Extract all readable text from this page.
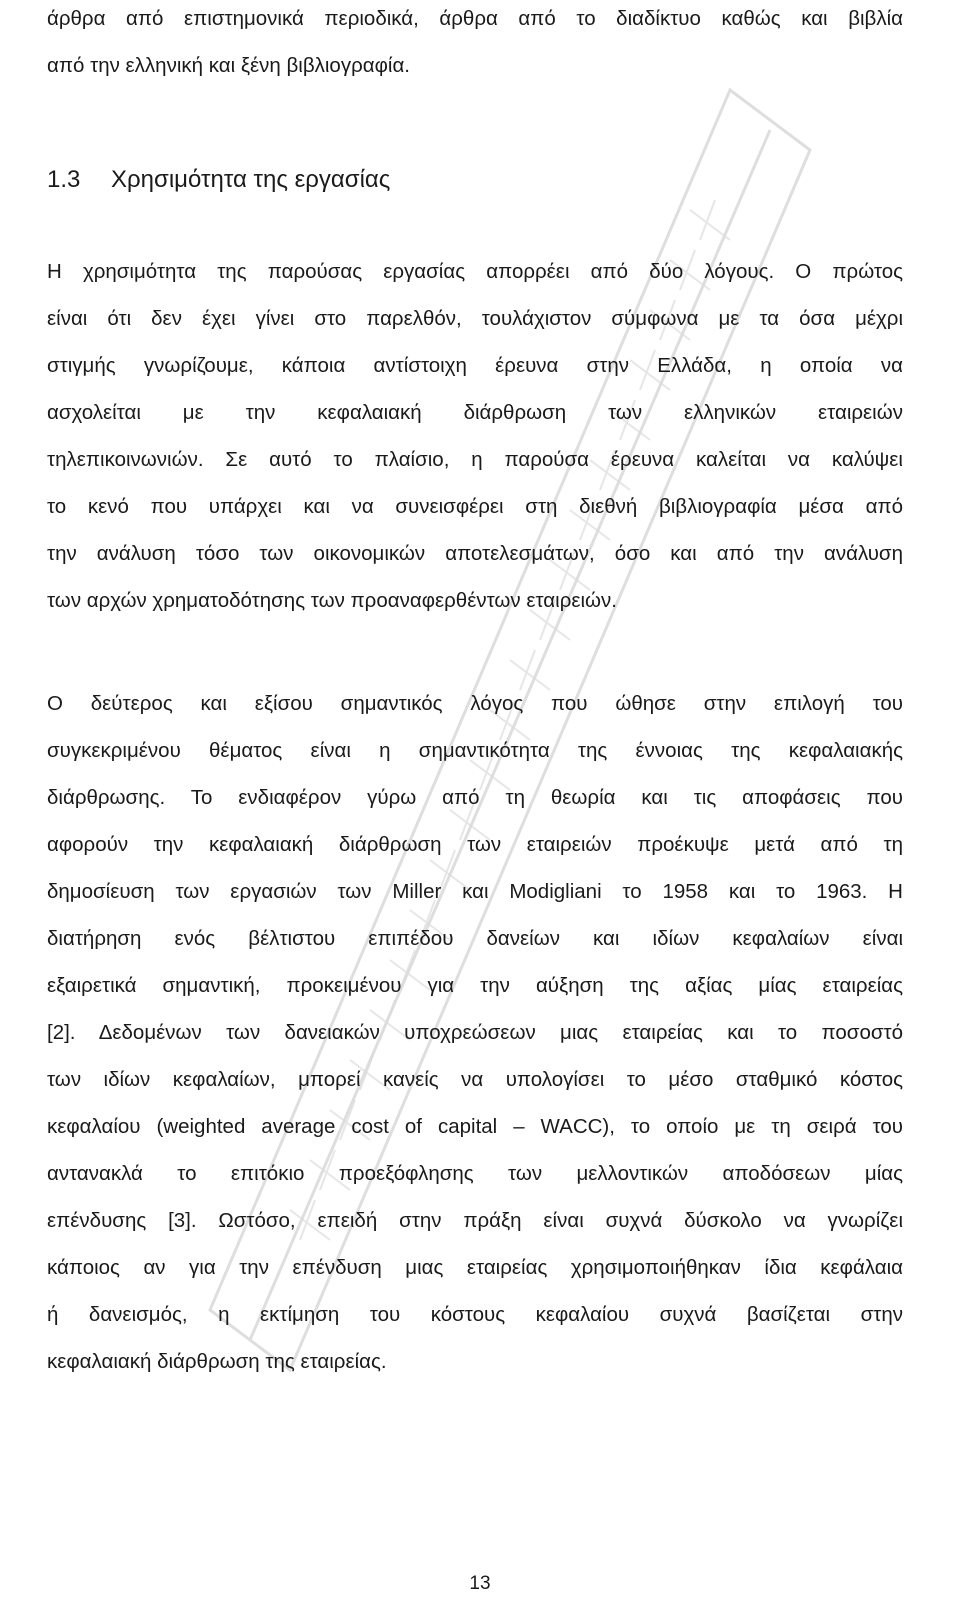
άρθρα από επιστημονικά περιοδικά, άρθρα από το διαδίκτυο καθώς και βιβλία
από την ελληνική και ξένη βιβλιογραφία.
1.3 Χρησιμότητα της εργασίας
Η χρησιμότητα της παρούσας εργασίας απορρέει από δύο λόγους. Ο πρώτος
είναι ότι δεν έχει γίνει στο παρελθόν, τουλάχιστον σύμφωνα με τα όσα μέχρι
στιγμής γνωρίζουμε, κάποια αντίστοιχη έρευνα στην Ελλάδα, η οποία να
ασχολείται με την κεφαλαιακή διάρθρωση των ελληνικών εταιρειών
τηλεπικοινωνιών. Σε αυτό το πλαίσιο, η παρούσα έρευνα καλείται να καλύψει
το κενό που υπάρχει και να συνεισφέρει στη διεθνή βιβλιογραφία μέσα από
την ανάλυση τόσο των οικονομικών αποτελεσμάτων, όσο και από την ανάλυση
των αρχών χρηματοδότησης των προαναφερθέντων εταιρειών.
Ο δεύτερος και εξίσου σημαντικός λόγος που ώθησε στην επιλογή του
συγκεκριμένου θέματος είναι η σημαντικότητα της έννοιας της κεφαλαιακής
διάρθρωσης. Το ενδιαφέρον γύρω από τη θεωρία και τις αποφάσεις που
αφορούν την κεφαλαιακή διάρθρωση των εταιρειών προέκυψε μετά από τη
δημοσίευση των εργασιών των Miller και Modigliani το 1958 και το 1963. Η
διατήρηση ενός βέλτιστου επιπέδου δανείων και ιδίων κεφαλαίων είναι
εξαιρετικά σημαντική, προκειμένου για την αύξηση της αξίας μίας εταιρείας
[2]. Δεδομένων των δανειακών υποχρεώσεων μιας εταιρείας και το ποσοστό
των ιδίων κεφαλαίων, μπορεί κανείς να υπολογίσει το μέσο σταθμικό κόστος
κεφαλαίου (weighted average cost of capital – WACC), το οποίο με τη σειρά του
αντανακλά το επιτόκιο προεξόφλησης των μελλοντικών αποδόσεων μίας
επένδυσης [3]. Ωστόσο, επειδή στην πράξη είναι συχνά δύσκολο να γνωρίζει
κάποιος αν για την επένδυση μιας εταιρείας χρησιμοποιήθηκαν ίδια κεφάλαια
ή δανεισμός, η εκτίμηση του κόστους κεφαλαίου συχνά βασίζεται στην
κεφαλαιακή διάρθρωση της εταιρείας.
13
